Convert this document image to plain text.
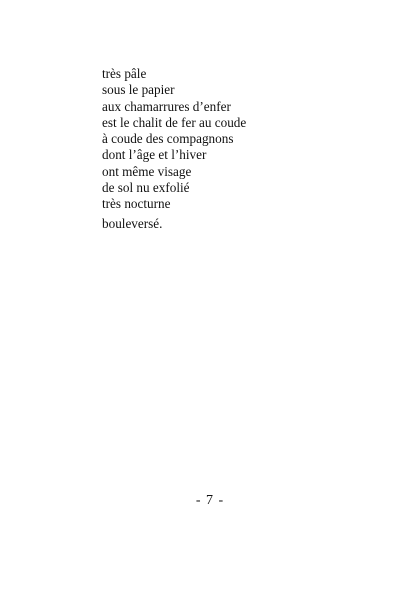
très pâle
sous le papier
aux chamarrures d’enfer
est le chalit de fer au coude
à coude des compagnons
dont l’âge et l’hiver
ont même visage
de sol nu exfolié
très nocturne
bouleversé.
- 7 -
